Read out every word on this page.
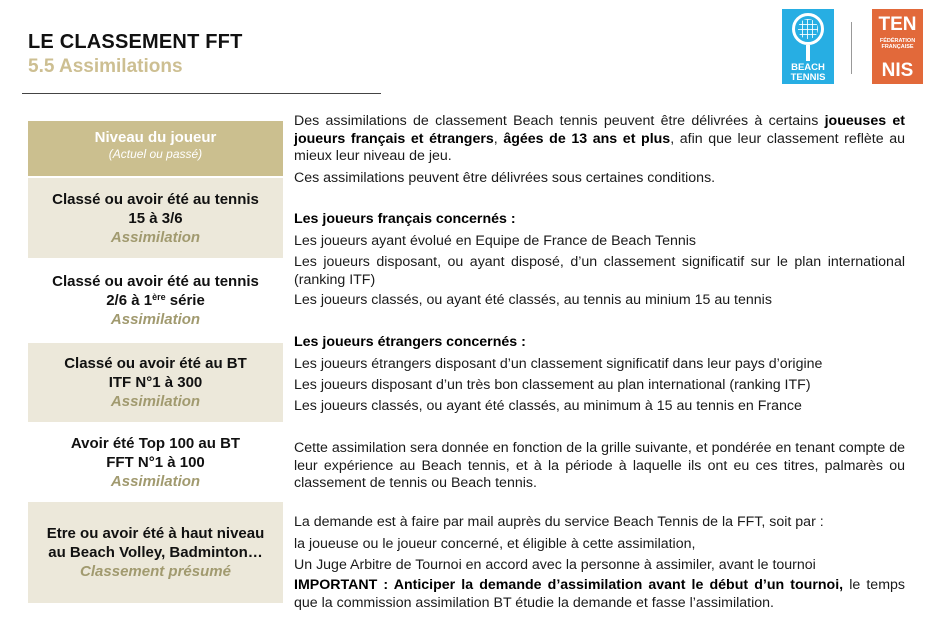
LE CLASSEMENT FFT
5.5 Assimilations	BEACH
TENNIS
TEN
FÉDÉRATION
FRANÇAISE
NIS
Niveau du joueur
(Actuel ou passé)
Classé ou avoir été au tennis
15 à 3/6
Assimilation
Classé ou avoir été au tennis
2/6 à 1ère série
Assimilation
Classé ou avoir été au BT
ITF N°1 à 300
Assimilation
Avoir été Top 100 au BT
FFT N°1 à 100
Assimilation
Etre ou avoir été à haut niveau
au Beach Volley, Badminton…
Classement présumé
Des assimilations de classement Beach tennis peuvent être délivrées à certains joueuses et joueurs français et étrangers, âgées de 13 ans et plus, afin que leur classement reflète au mieux leur niveau de jeu.
Ces assimilations peuvent être délivrées sous certaines conditions.
Les joueurs français concernés :
Les joueurs ayant évolué en Equipe de France de Beach Tennis
Les joueurs disposant, ou ayant disposé, d’un classement significatif sur le plan international (ranking ITF)
Les joueurs classés, ou ayant été classés, au tennis au minium 15 au tennis
Les joueurs étrangers concernés :
Les joueurs étrangers disposant d’un classement significatif dans leur pays d’origine
Les joueurs disposant d’un très bon classement au plan international (ranking ITF)
Les joueurs classés, ou ayant été classés, au minimum à 15 au tennis en France
Cette assimilation sera donnée en fonction de la grille suivante, et pondérée en tenant compte de leur expérience au Beach tennis, et à la période à laquelle ils ont eu ces titres, palmarès ou classement de tennis ou Beach tennis.
La demande est à faire par mail auprès du service Beach Tennis de la FFT, soit par :
la joueuse ou le joueur concerné, et éligible à cette assimilation,
Un Juge Arbitre de Tournoi en accord avec la personne à assimiler, avant le tournoi
IMPORTANT : Anticiper la demande d’assimilation avant le début d’un tournoi, le temps que la commission assimilation BT étudie la demande et fasse l’assimilation.
